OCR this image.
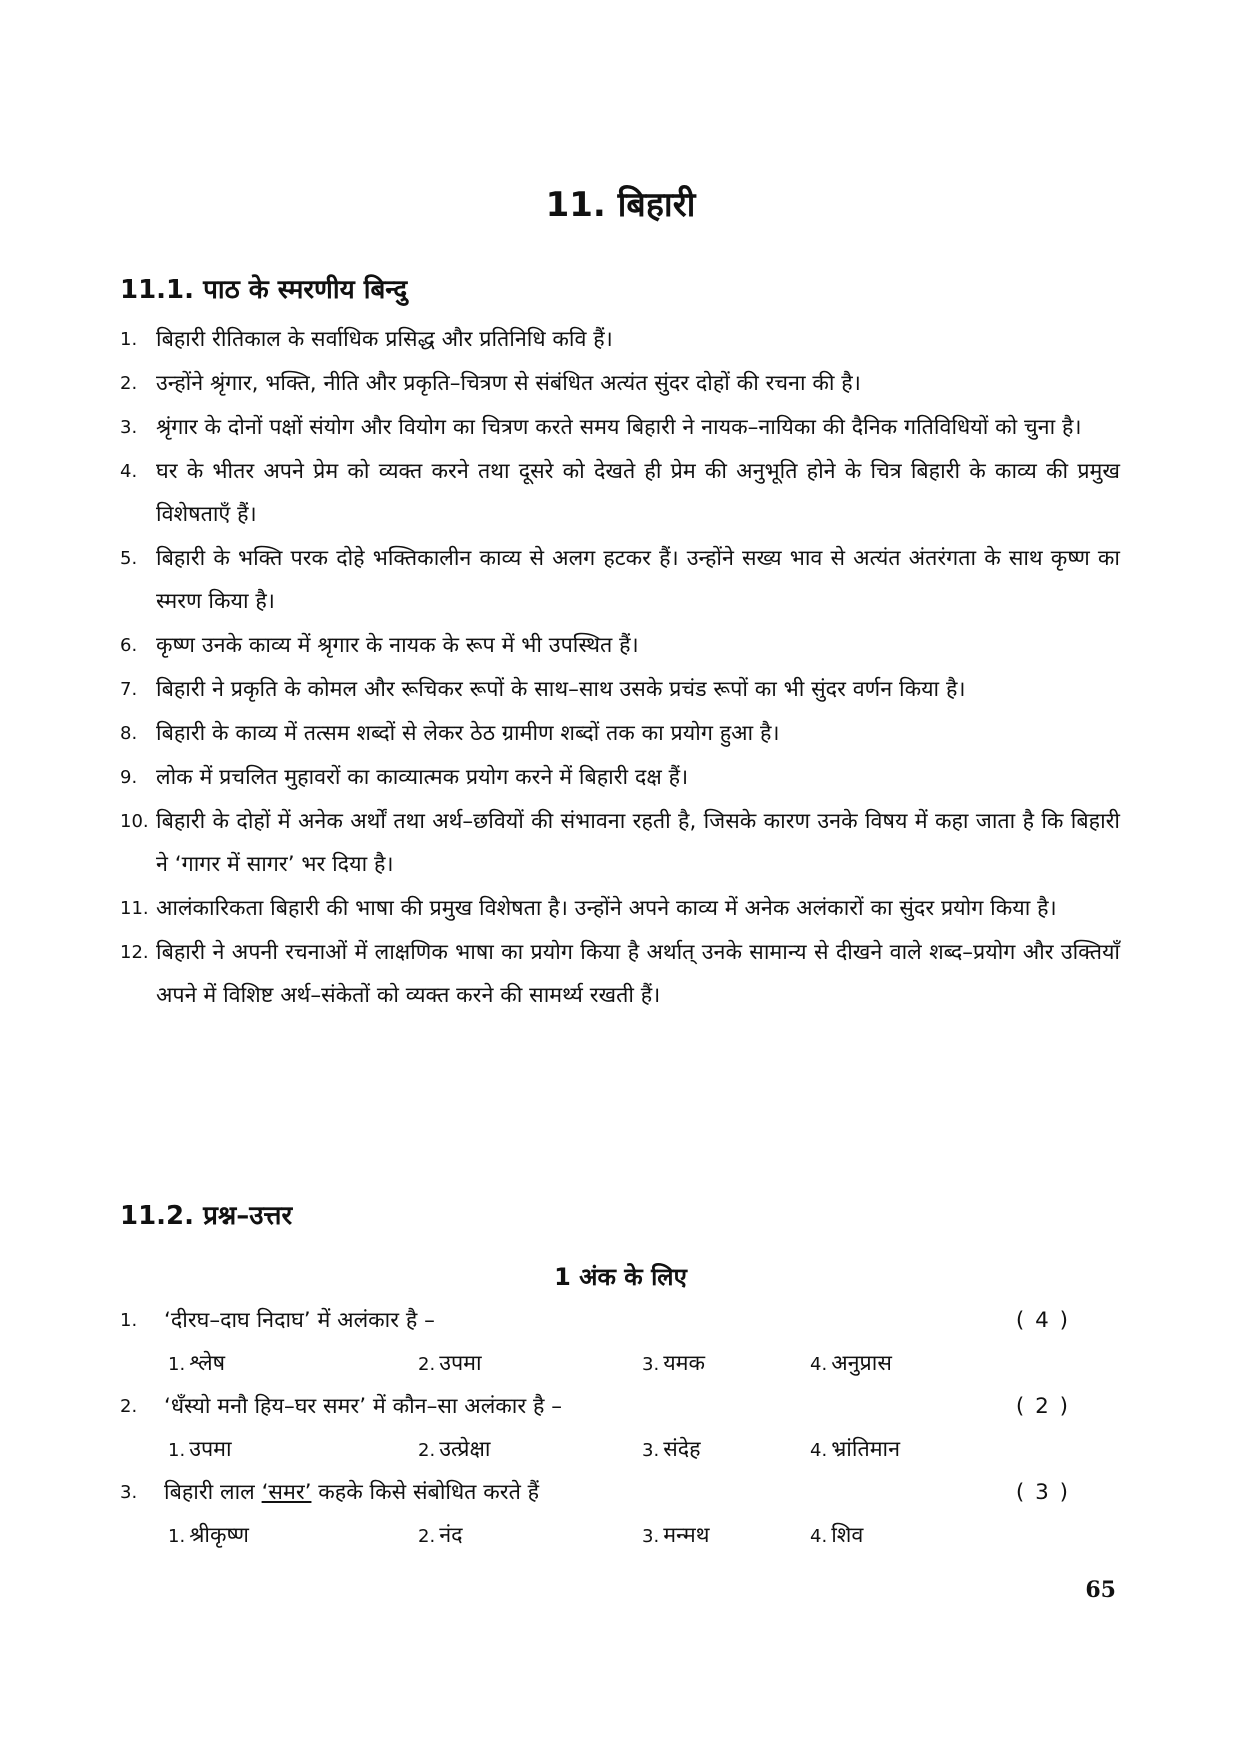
11. बिहारी
11.1. पाठ के स्मरणीय बिन्दु
1. बिहारी रीतिकाल के सर्वाधिक प्रसिद्ध और प्रतिनिधि कवि हैं।
2. उन्होंने श्रृंगार, भक्ति, नीति और प्रकृति–चित्रण से संबंधित अत्यंत सुंदर दोहों की रचना की है।
3. श्रृंगार के दोनों पक्षों संयोग और वियोग का चित्रण करते समय बिहारी ने नायक–नायिका की दैनिक गतिविधियों को चुना है।
4. घर के भीतर अपने प्रेम को व्यक्त करने तथा दूसरे को देखते ही प्रेम की अनुभूति होने के चित्र बिहारी के काव्य की प्रमुख विशेषताएँ हैं।
5. बिहारी के भक्ति परक दोहे भक्तिकालीन काव्य से अलग हटकर हैं। उन्होंने सख्य भाव से अत्यंत अंतरंगता के साथ कृष्ण का स्मरण किया है।
6. कृष्ण उनके काव्य में श्रृगार के नायक के रूप में भी उपस्थित हैं।
7. बिहारी ने प्रकृति के कोमल और रूचिकर रूपों के साथ–साथ उसके प्रचंड रूपों का भी सुंदर वर्णन किया है।
8. बिहारी के काव्य में तत्सम शब्दों से लेकर ठेठ ग्रामीण शब्दों तक का प्रयोग हुआ है।
9. लोक में प्रचलित मुहावरों का काव्यात्मक प्रयोग करने में बिहारी दक्ष हैं।
10. बिहारी के दोहों में अनेक अर्थों तथा अर्थ–छवियों की संभावना रहती है, जिसके कारण उनके विषय में कहा जाता है कि बिहारी ने ‘गागर में सागर’ भर दिया है।
11. आलंकारिकता बिहारी की भाषा की प्रमुख विशेषता है। उन्होंने अपने काव्य में अनेक अलंकारों का सुंदर प्रयोग किया है।
12. बिहारी ने अपनी रचनाओं में लाक्षणिक भाषा का प्रयोग किया है अर्थात् उनके सामान्य से दीखने वाले शब्द–प्रयोग और उक्तियाँ अपने में विशिष्ट अर्थ–संकेतों को व्यक्त करने की सामर्थ्य रखती हैं।
11.2. प्रश्न–उत्तर
1 अंक के लिए
1. ‘दीरघ–दाघ निदाघ’ में अलंकार है –	( 4 )
1. श्लेष	2. उपमा	3. यमक	4. अनुप्रास
2. ‘धँस्यो मनौ हिय–घर समर’ में कौन–सा अलंकार है –	( 2 )
1. उपमा	2. उत्प्रेक्षा	3. संदेह	4. भ्रांतिमान
3. बिहारी लाल ‘समर’ कहके किसे संबोधित करते हैं	( 3 )
1. श्रीकृष्ण	2. नंद	3. मन्मथ	4. शिव
65
